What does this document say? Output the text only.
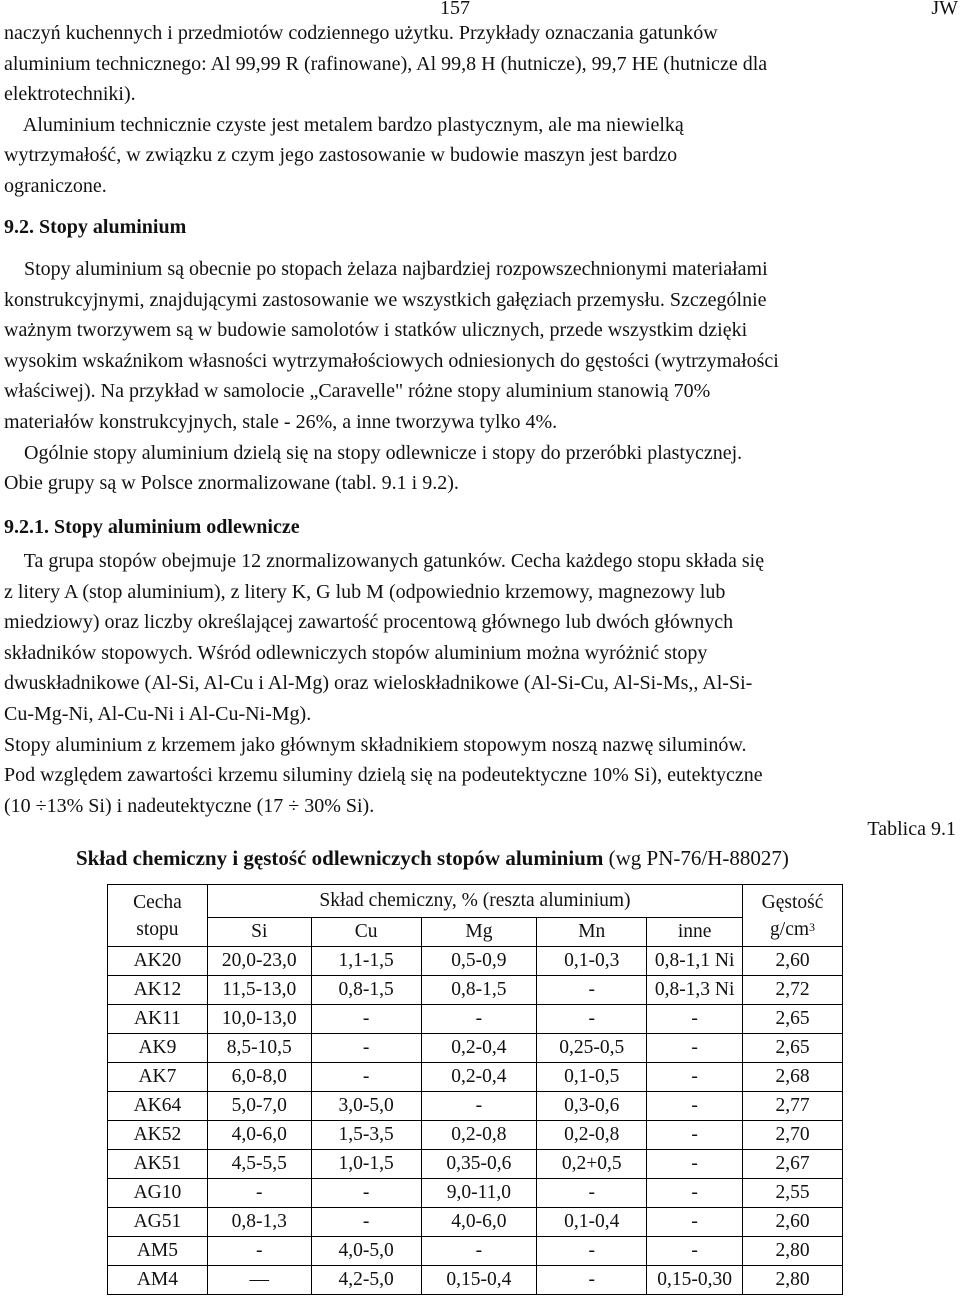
157	JW
naczyń kuchennych i przedmiotów codziennego użytku. Przykłady oznaczania gatunków
aluminium technicznego: Al 99,99 R (rafinowane), Al 99,8 H (hutnicze), 99,7 HE (hutnicze dla
elektrotechniki).
Aluminium technicznie czyste jest metalem bardzo plastycznym, ale ma niewielką
wytrzymałość, w związku z czym jego zastosowanie w budowie maszyn jest bardzo
ograniczone.
9.2. Stopy aluminium
Stopy aluminium są obecnie po stopach żelaza najbardziej rozpowszechnionymi materiałami
konstrukcyjnymi, znajdującymi zastosowanie we wszystkich gałęziach przemysłu. Szczególnie
ważnym tworzywem są w budowie samolotów i statków ulicznych, przede wszystkim dzięki
wysokim wskaźnikom własności wytrzymałościowych odniesionych do gęstości (wytrzymałości
właściwej). Na przykład w samolocie „Caravelle" różne stopy aluminium stanowią 70%
materiałów konstrukcyjnych, stale - 26%, a inne tworzywa tylko 4%.
Ogólnie stopy aluminium dzielą się na stopy odlewnicze i stopy do przeróbki plastycznej.
Obie grupy są w Polsce znormalizowane (tabl. 9.1 i 9.2).
9.2.1. Stopy aluminium odlewnicze
Ta grupa stopów obejmuje 12 znormalizowanych gatunków. Cecha każdego stopu składa się
z litery A (stop aluminium), z litery K, G lub M (odpowiednio krzemowy, magnezowy lub
miedziowy) oraz liczby określającej zawartość procentową głównego lub dwóch głównych
składników stopowych. Wśród odlewniczych stopów aluminium można wyróżnić stopy
dwuskładnikowe (Al-Si, Al-Cu i Al-Mg) oraz wieloskładnikowe (Al-Si-Cu, Al-Si-Ms,, Al-Si-
Cu-Mg-Ni, Al-Cu-Ni i Al-Cu-Ni-Mg).
Stopy aluminium z krzemem jako głównym składnikiem stopowym noszą nazwę siluminów.
Pod względem zawartości krzemu siluminy dzielą się na podeutektyczne 10% Si), eutektyczne
(10 ÷13% Si) i nadeutektyczne (17 ÷ 30% Si).
Tablica 9.1
Skład chemiczny i gęstość odlewniczych stopów aluminium (wg PN-76/H-88027)
Cecha
stopu	Skład chemiczny, % (reszta aluminium)					Gęstość
$g/cm^3$

	Si	Cu	Mg	Mn	inne	
AK20	20,0-23,0	1,1-1,5	0,5-0,9	0,1-0,3	0,8-1,1 Ni	2,60
AK12	11,5-13,0	0,8-1,5	0,8-1,5	-	0,8-1,3 Ni	2,72
AK11	10,0-13,0	-	-	-	-	2,65
AK9	8,5-10,5	-	0,2-0,4	0,25-0,5	-	2,65
AK7	6,0-8,0	-	0,2-0,4	0,1-0,5	-	2,68
AK64	5,0-7,0	3,0-5,0	-	0,3-0,6	-	2,77
AK52	4,0-6,0	1,5-3,5	0,2-0,8	0,2-0,8	-	2,70
AK51	4,5-5,5	1,0-1,5	0,35-0,6	0,2+0,5	-	2,67
AG10	-	-	9,0-11,0	-	-	2,55
AG51	0,8-1,3	-	4,0-6,0	0,1-0,4	-	2,60
AM5	-	4,0-5,0	-	-	-	2,80
AM4	—	4,2-5,0	0,15-0,4	-	0,15-0,30	2,80
